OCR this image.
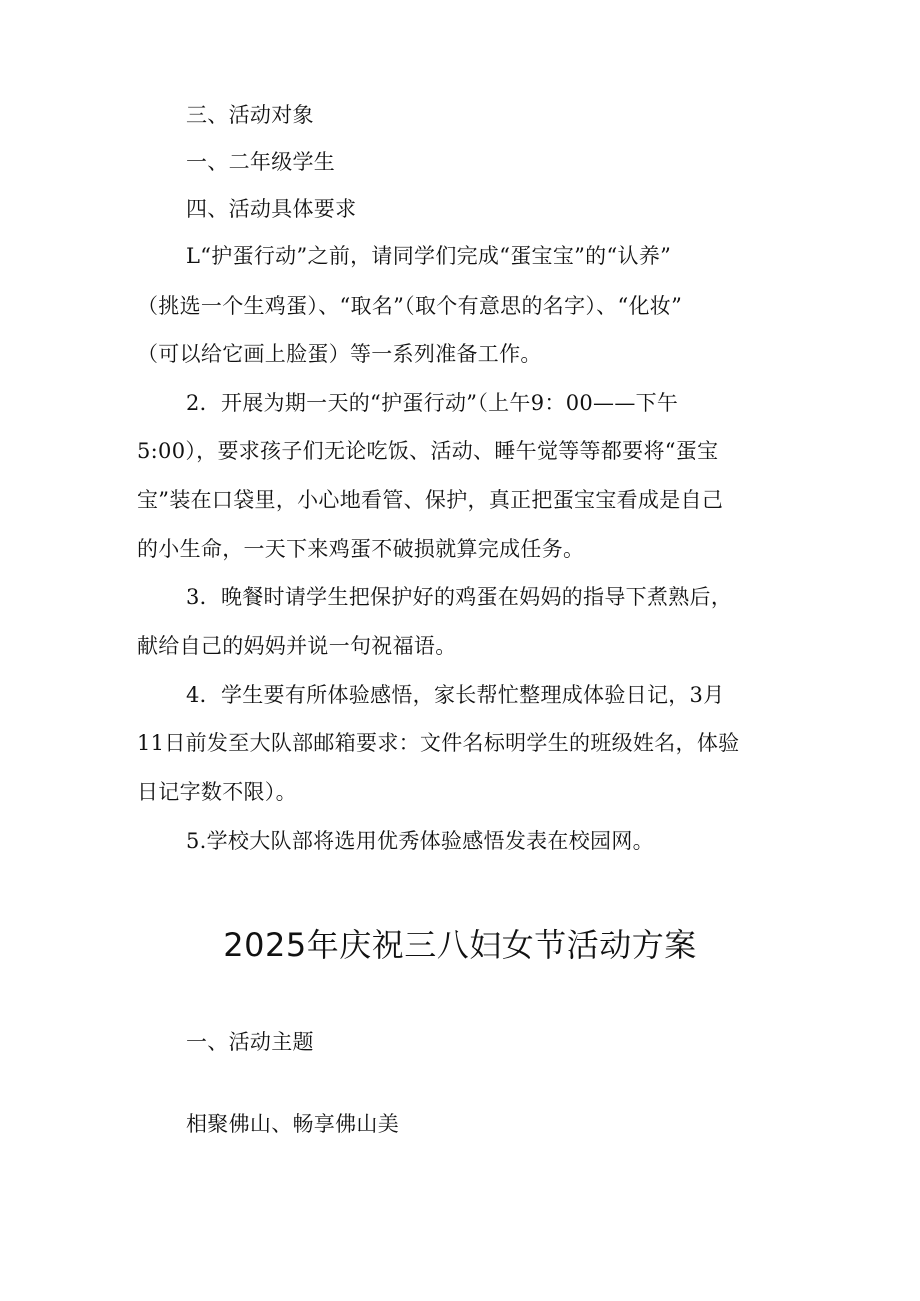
三、活动对象
一、二年级学生
四、活动具体要求
L“护蛋行动”之前，请同学们完成“蛋宝宝”的“认养”
（挑选一个生鸡蛋）、“取名”（取个有意思的名字）、“化妆”
（可以给它画上脸蛋）等一系列准备工作。
2．开展为期一天的“护蛋行动”（上午9：00——下午
5:00），要求孩子们无论吃饭、活动、睡午觉等等都要将“蛋宝
宝”装在口袋里，小心地看管、保护，真正把蛋宝宝看成是自己
的小生命，一天下来鸡蛋不破损就算完成任务。
3．晚餐时请学生把保护好的鸡蛋在妈妈的指导下煮熟后，
献给自己的妈妈并说一句祝福语。
4．学生要有所体验感悟，家长帮忙整理成体验日记，3月
11日前发至大队部邮箱要求：文件名标明学生的班级姓名，体验
日记字数不限）。
5.学校大队部将选用优秀体验感悟发表在校园网。
2025年庆祝三八妇女节活动方案
一、活动主题
相聚佛山、畅享佛山美
